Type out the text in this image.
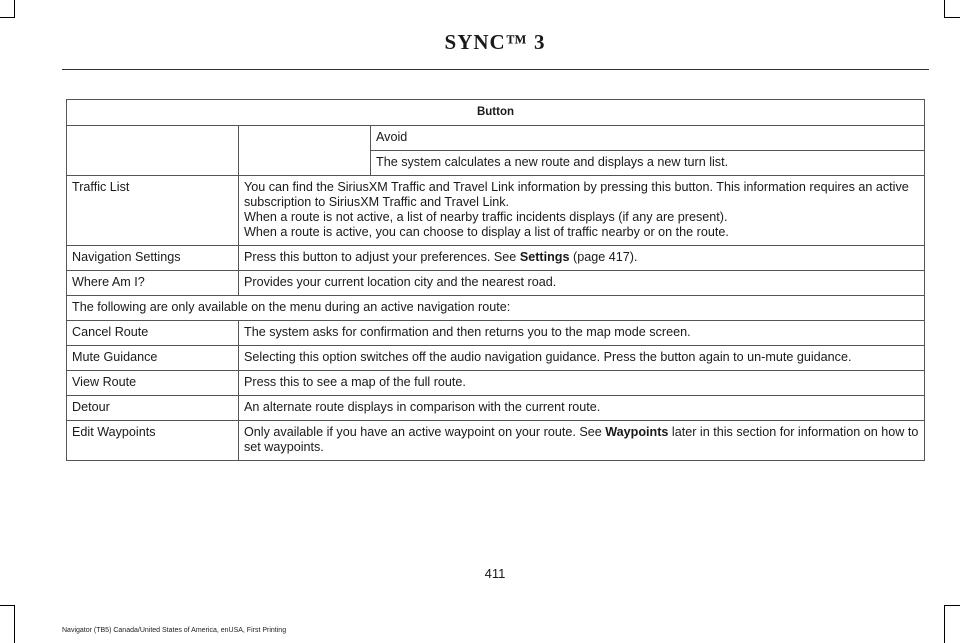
SYNC™ 3
Button		
		Avoid
		The system calculates a new route and displays a new turn list.
Traffic List	You can find the SiriusXM Traffic and Travel Link information by pressing this button. This information requires an active subscription to SiriusXM Traffic and Travel Link.
When a route is not active, a list of nearby traffic incidents displays (if any are present).
When a route is active, you can choose to display a list of traffic nearby or on the route.	

Navigation Settings	Press this button to adjust your preferences. See Settings (page 417).	
Where Am I?	Provides your current location city and the nearest road.	
The following are only available on the menu during an active navigation route:		
Cancel Route	The system asks for confirmation and then returns you to the map mode screen.	
Mute Guidance	Selecting this option switches off the audio navigation guidance. Press the button again to un-mute guidance.	
View Route	Press this to see a map of the full route.	
Detour	An alternate route displays in comparison with the current route.	
Edit Waypoints	Only available if you have an active waypoint on your route. See Waypoints later in this section for information on how to set waypoints.	
411
Navigator (TB5) Canada/United States of America, enUSA, First Printing
